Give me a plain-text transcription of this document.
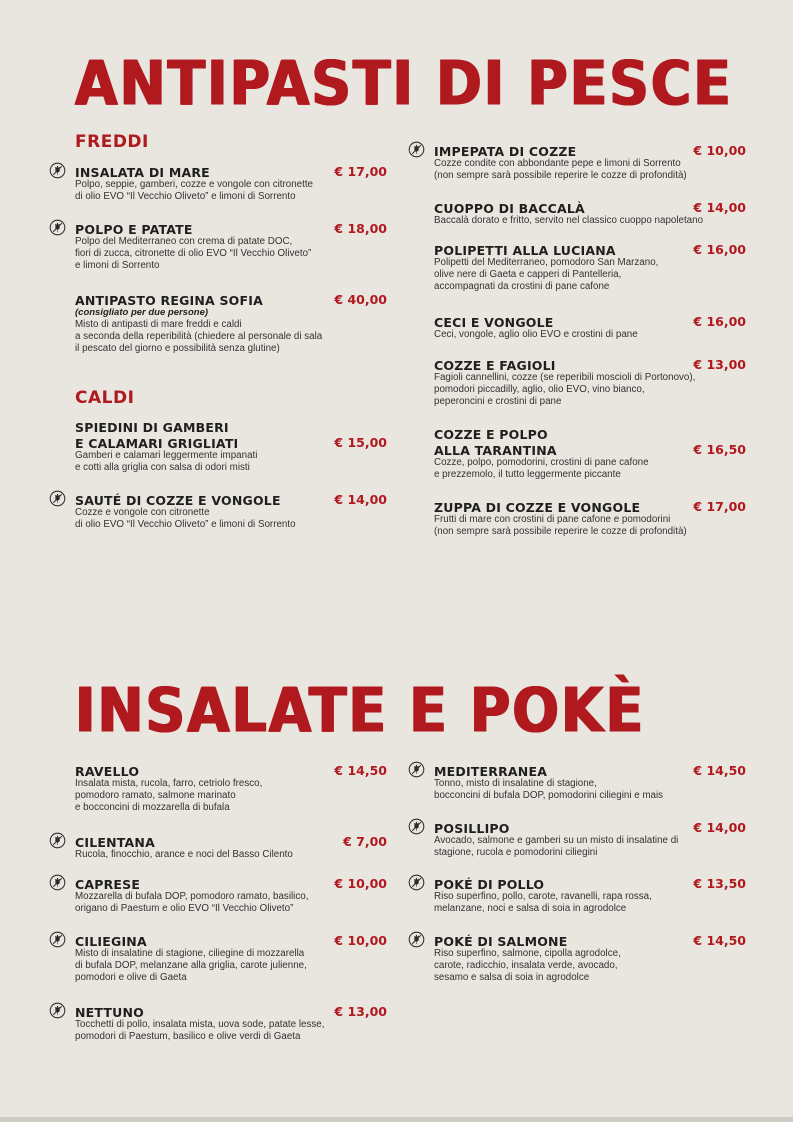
ANTIPASTI DI PESCE
FREDDI
CALDI
INSALATA DI MARE	€ 17,00
Polpo, seppie, gamberi, cozze e vongole con citronette
di olio EVO “Il Vecchio Oliveto” e limoni di Sorrento
POLPO E PATATE	€ 18,00
Polpo del Mediterraneo con crema di patate DOC,
fiori di zucca, citronette di olio EVO “Il Vecchio Oliveto”
e limoni di Sorrento
ANTIPASTO REGINA SOFIA	€ 40,00
(consigliato per due persone)
Misto di antipasti di mare freddi e caldi
a seconda della reperibilità (chiedere al personale di sala
il pescato del giorno e possibilità senza glutine)
SPIEDINI DI GAMBERI
E CALAMARI GRIGLIATI	€ 15,00
Gamberi e calamari leggermente impanati
e cotti alla griglia con salsa di odori misti
SAUTÉ DI COZZE E VONGOLE	€ 14,00
Cozze e vongole con citronette
di olio EVO “Il Vecchio Oliveto” e limoni di Sorrento
IMPEPATA DI COZZE	€ 10,00
Cozze condite con abbondante pepe e limoni di Sorrento
(non sempre sarà possibile reperire le cozze di profondità)
CUOPPO DI BACCALÀ	€ 14,00
Baccalà dorato e fritto, servito nel classico cuoppo napoletano
POLIPETTI ALLA LUCIANA	€ 16,00
Polipetti del Mediterraneo, pomodoro San Marzano,
olive nere di Gaeta e capperi di Pantelleria,
accompagnati da crostini di pane cafone
CECI E VONGOLE	€ 16,00
Ceci, vongole, aglio olio EVO e crostini di pane
COZZE E FAGIOLI	€ 13,00
Fagioli cannellini, cozze (se reperibili moscioli di Portonovo),
pomodori piccadilly, aglio, olio EVO, vino bianco,
peperoncini e crostini di pane
COZZE E POLPO
ALLA TARANTINA	€ 16,50
Cozze, polpo, pomodorini, crostini di pane cafone
e prezzemolo, il tutto leggermente piccante
ZUPPA DI COZZE E VONGOLE	€ 17,00
Frutti di mare con crostini di pane cafone e pomodorini
(non sempre sarà possibile reperire le cozze di profondità)
INSALATE E POKÈ
RAVELLO	€ 14,50
Insalata mista, rucola, farro, cetriolo fresco,
pomodoro ramato, salmone marinato
e bocconcini di mozzarella di bufala
CILENTANA	€ 7,00
Rucola, finocchio, arance e noci del Basso Cilento
CAPRESE	€ 10,00
Mozzarella di bufala DOP, pomodoro ramato, basilico,
origano di Paestum e olio EVO “Il Vecchio Oliveto”
CILIEGINA	€ 10,00
Misto di insalatine di stagione, ciliegine di mozzarella
di bufala DOP, melanzane alla griglia, carote julienne,
pomodori e olive di Gaeta
NETTUNO	€ 13,00
Tocchetti di pollo, insalata mista, uova sode, patate lesse,
pomodori di Paestum, basilico e olive verdi di Gaeta
MEDITERRANEA	€ 14,50
Tonno, misto di insalatine di stagione,
bocconcini di bufala DOP, pomodorini ciliegini e mais
POSILLIPO	€ 14,00
Avocado, salmone e gamberi su un misto di insalatine di
stagione, rucola e pomodorini ciliegini
POKÉ DI POLLO	€ 13,50
Riso superfino, pollo, carote, ravanelli, rapa rossa,
melanzane, noci e salsa di soia in agrodolce
POKÉ DI SALMONE	€ 14,50
Riso superfino, salmone, cipolla agrodolce,
carote, radicchio, insalata verde, avocado,
sesamo e salsa di soia in agrodolce
